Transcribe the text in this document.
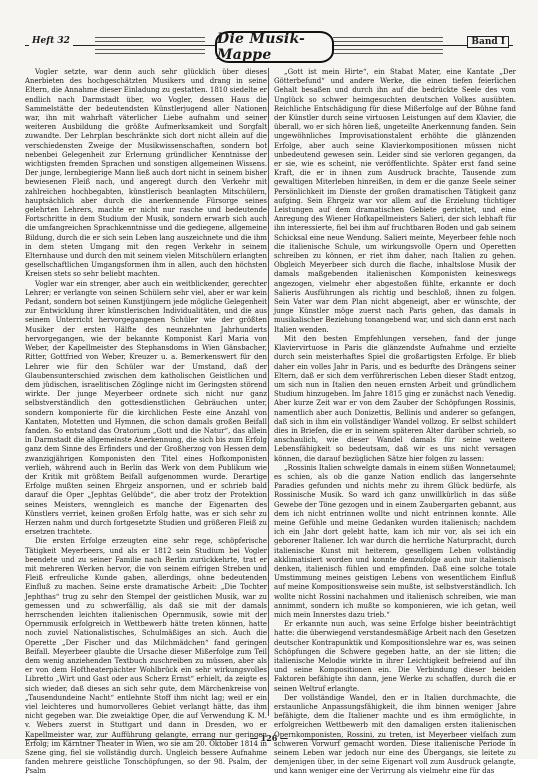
Heft 32	Die Musik-Mappe
Band I

Vogler setzte, war denn auch sehr glücklich über dieses Anerbieten des hochgeschätzten Musikers und drang in seine Eltern, die Annahme dieser Einladung zu gestatten. 1810 siedelte er endlich nach Darmstadt über, wo Vogler, dessen Haus die Sammelstätte der bedeutendsten Künstlerjugend aller Nationen war, ihn mit wahrhaft väterlicher Liebe aufnahm und seiner weiteren Ausbildung die größte Aufmerksamkeit und Sorgfalt zuwandte. Der Lehrplan beschränkte sich dort nicht allein auf die verschiedensten Zweige der Musikwissenschaften, sondern bot nebenbei Gelegenheit zur Erlernung gründlicher Kenntnisse der wichtigsten fremden Sprachen und sonstigen allgemeinen Wissens. Der junge, lernbegierige Mann ließ auch dort nicht in seinem bisher bewiesenen Fleiß nach, und angeregt durch den Verkehr mit zahlreichen hochbegabten, künstlerisch beanlagten Mitschülern, hauptsächlich aber durch die anerkennende Fürsorge seines gelehrten Lehrers, machte er nicht nur rasche und bedeutende Fortschritte in dem Studium der Musik, sondern erwarb sich auch die umfangreichen Sprachkenntnisse und die gediegene, allgemeine Bildung, durch die er sich sein Leben lang auszeichnete und die ihm in dem steten Umgang mit den regen Verkehr in seinem Elternhause und durch den mit seinem vielen Mitschülern erlangten gesellschaftlichen Umgangsformen ihm in allen, auch den höchsten Kreisen stets so sehr beliebt machten.

Vogler war ein strenger, aber auch ein weitblickender, gerechter Lehrer; er verlangte von seinen Schülern sehr viel, aber er war kein Pedant, sondern bot seinen Kunstjüngern jede mögliche Gelegenheit zur Entwicklung ihrer künstlerischen Individualitäten, und die aus seinem Unterricht hervorgegangenen Schüler wie der größten Musiker der ersten Hälfte des neunzehnten Jahrhunderts hervorgegangen, wie der bekannte Komponist Karl Maria von Weber, der Kapellmeister des Stephansdoms in Wien Gänsbacher, Ritter, Gottfried von Weber, Kreuzer u. a. Bemerkenswert für den Lehrer wie für den Schüler war der Umstand, daß der Glaubensunterschied zwischen dem katholischen Geistlichen und dem jüdischen, israelitischen Zöglinge nicht im Geringsten störend wirkte. Der junge Meyerbeer ordnete sich nicht nur ganz selbstverständlich den gottesdienstlichen Gebräuchen unter, sondern komponierte für die kirchlichen Feste eine Anzahl von Kantaten, Motetten und Hymnen, die schon damals großen Beifall fanden. So entstand das Oratorium „Gott und die Natur“, das allein in Darmstadt die allgemeinste Anerkennung, die sich bis zum Erfolg ganz dem Sinne des Erfinders und der Großherzog von Hessen dem zwanzigjährigen Komponisten den Titel eines Hofkomponisten verlieh, während auch in Berlin das Werk von dem Publikum wie der Kritik mit größtem Beifall aufgenommen wurde. Derartige Erfolge mußten seinen Ehrgeiz anspornen, und er schrieb bald darauf die Oper „Jephtas Gelübde“, die aber trotz der Protektion seines Meisters, wenngleich es manche der Eigenarten des Künstlers verriet, keinen großen Erfolg hatte, was er sich sehr zu Herzen nahm und durch fortgesetzte Studien und größeren Fleiß zu ersetzen trachtete.

Die ersten Erfolge erzeugten eine sehr rege, schöpferische Tätigkeit Meyerbeers, und als er 1812 sein Studium bei Vogler beendete und zu seiner Familie nach Berlin zurückkehrte, trat er mit mehreren Werken hervor, die von seinem eifrigen Streben und Fleiß erfreuliche Kunde gaben, allerdings, ohne bedeutenden Einfluß zu machen. Seine erste dramatische Arbeit: „Die Tochter Jephthas“ trug zu sehr den Stempel der geistlichen Musik, war zu gemessen und zu schwerfällig, als daß sie mit der damals herrschenden leichten italienischen Opernmusik, sowie mit der Opernmusik erfolgreich in Wettbewerb hätte treten können, hatte noch zuviel Nationalistisches, Schulmäßiges an sich. Auch die Operette „Der Fischer und das Milchmädchen“ fand geringen Beifall. Meyerbeer glaubte die Ursache dieser Mißerfolge zum Teil dem wenig anziehenden Textbuch zuschreiben zu müssen, aber als er von dem Hoftheaterpächter Wohlbrück ein sehr wirkungsvolles Libretto „Wirt und Gast oder aus Scherz Ernst“ erhielt, da zeigte es sich wieder, daß dieses an sich sehr gute, dem Märchenkreise von „Tausendundeine Nacht“ entlehnte Stoff ihm nicht lag; weil er ein viel leichteres und humorvolleres Gebiet verlangt hätte, das ihm nicht gegeben war. Die zweiaktige Oper, die auf Verwendung K. M. v. Webers zuerst in Stuttgart und dann in Dresden, wo er Kapellmeister war, zur Aufführung gelangte, errang nur geringen Erfolg; im Kärntner Theater in Wien, wo sie am 20. Oktober 1814 in Szene ging, fiel sie vollständig durch. Ungleich bessere Aufnahme fanden mehrere geistliche Tonschöpfungen, so der 98. Psalm, der Psalm

„Gott ist mein Hirte“, ein Stabat Mater, eine Kantate „Der Götterbefund“ und andere Werke, die einen tiefen feierlichen Gehalt besaßen und durch ihn auf die bedrückte Seele des vom Unglück so schwer heimgesuchten deutschen Volkes ausübten. Reichliche Entschädigung für diese Mißerfolge auf der Bühne fand der Künstler durch seine virtuosen Leistungen auf dem Klavier, die überall, wo er sich hören ließ, ungeteilte Anerkennung fanden. Sein ungewöhnliches Improvisationstalent erhöhte die glänzenden Erfolge, aber auch seine Klavierkompositionen müssen nicht unbedeutend gewesen sein. Leider sind sie verloren gegangen, da er sie, wie es scheint, nie veröffentlichte. Später erst fand seine Kraft, die er in ihnen zum Ausdruck brachte, Tausende zum gewaltigen Miterleben hinreißen, in dem er die ganze Seele seiner Persönlichkeit im Dienste der großen dramatischen Tätigkeit ganz aufging. Sein Ehrgeiz war vor allem auf die Erzielung tüchtiger Leistungen auf dem dramatischen Gebiete gerichtet, und eine Anregung des Wiener Hofkapellmeisters Salieri, der sich lebhaft für ihn interessierte, fiel bei ihm auf fruchtbaren Boden und gab seinem Schicksal eine neue Wendung. Salieri meinte, Meyerbeer fehle noch die italienische Schule, um wirkungsvolle Opern und Operetten schreiben zu können, er riet ihm daher, nach Italien zu gehen. Obgleich Meyerbeer sich durch die flache, inhaltslose Musik der damals maßgebenden italienischen Komponisten keineswegs angezogen, vielmehr eher abgestoßen fühlte, erkannte er doch Salieris Ausführungen als richtig und beschloß, ihnen zu folgen. Sein Vater war dem Plan nicht abgeneigt, aber er wünschte, der junge Künstler möge zuerst nach Paris gehen, das damals in musikalischer Beziehung tonangebend war, und sich dann erst nach Italien wenden.

Mit den besten Empfehlungen versehen, fand der junge Klaviervirtuose in Paris die glänzendste Aufnahme und erzielte durch sein meisterhaftes Spiel die großartigsten Erfolge. Er blieb daher ein volles Jahr in Paris, und es bedurfte des Drängens seiner Eltern, daß er sich dem verführerischen Leben dieser Stadt entzog, um sich nun in Italien den neuen ernsten Arbeit und gründlichem Studium hinzugeben. Im Jahre 1815 ging er zunächst nach Venedig. Aber kurze Zeit war er von dem Zauber der Schöpfungen Rossinis, namentlich aber auch Donizettis, Bellinis und anderer so gefangen, daß sich in ihm ein vollständiger Wandel vollzog. Er selbst schildert dies in Briefen, die er in seinem späteren Alter darüber schrieb, so anschaulich, wie dieser Wandel damals für seine weitere Lebensfähigkeit so bedeutsam, daß wir es uns nicht versagen können, die darauf bezüglichen Sätze hier folgen zu lassen:

„Rossinis Italien schwelgte damals in einem süßen Wonnetaumel; es schien, als ob die ganze Nation endlich das langersehnte Paradies gefunden und nichts mehr zu ihrem Glück bedürfe, als Rossinische Musik. So ward ich ganz unwillkürlich in das süße Gewebe der Töne gezogen und in einem Zaubergarten gebannt, aus dem ich nicht entrinnen wollte und nicht entrinnen konnte. Alle meine Gefühle und meine Gedanken wurden italienisch; nachdem ich ein Jahr dort gelebt hatte, kam ich mir vor, als sei ich ein geborener Italiener. Ich war durch die herrliche Naturpracht, durch italienische Kunst mit heiterem, geselligem Leben vollständig akklimatisiert worden und konnte demzufolge auch nur italienisch denken, italienisch fühlen und empfinden. Daß eine solche totale Umstimmung meines geistigen Lebens von wesentlichem Einfluß auf meine Kompositionsweise sein mußte, ist selbstverständlich. Ich wollte nicht Rossini nachahmen und italienisch schreiben, wie man annimmt, sondern ich mußte so komponieren, wie ich getan, weil mich mein Innerstes dazu trieb.“

Er erkannte nun auch, was seine Erfolge bisher beeinträchtigt hatte: die überwiegend verstandesmäßige Arbeit nach den Gesetzen deutscher Kontrapunktik und Kompositionslehre war es, was seinen Schöpfungen die Schwere gegeben hatte, an der sie litten; die italienische Melodie wirkte in ihrer Leichtigkeit befreiend auf ihn und seine Kompositionen ein. Die Verbindung dieser beiden Faktoren befähigte ihn dann, jene Werke zu schaffen, durch die er seinen Weltruf erlangte.

Der vollständige Wandel, den er in Italien durchmachte, die erstaunliche Anpassungsfähigkeit, die ihm binnen weniger Jahre befähigte, dem die Italiener machte und es ihm ermöglichte, in erfolgreichen Wettbewerb mit den damaligen ersten italienischen Opernkomponisten, Rossini, zu treten, ist Meyerbeer vielfach zum schweren Vorwurf gemacht worden. Diese italienische Periode in seinem Leben war jedoch nur eine des Übergangs, sie leitete zu demjenigen über, in der seine Eigenart voll zum Ausdruck gelangte, und kann weniger eine der Verirrung als vielmehr eine für das

— 126 —
